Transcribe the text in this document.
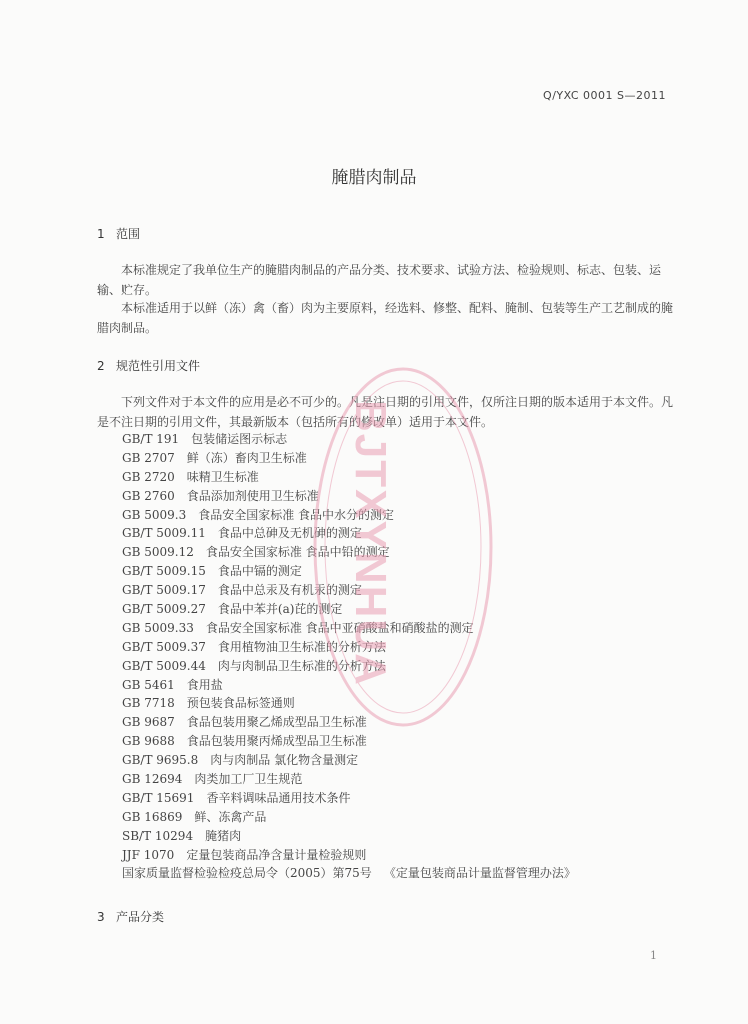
Q/YXC 0001 S—2011
腌腊肉制品
1 范围
本标准规定了我单位生产的腌腊肉制品的产品分类、技术要求、试验方法、检验规则、标志、包装、运输、贮存。
本标准适用于以鲜（冻）禽（畜）肉为主要原料，经选料、修整、配料、腌制、包装等生产工艺制成的腌腊肉制品。
2 规范性引用文件
下列文件对于本文件的应用是必不可少的。凡是注日期的引用文件，仅所注日期的版本适用于本文件。凡是不注日期的引用文件，其最新版本（包括所有的修改单）适用于本文件。
GB/T 191 包装储运图示标志
GB 2707 鲜（冻）畜肉卫生标准
GB 2720 味精卫生标准
GB 2760 食品添加剂使用卫生标准
GB 5009.3 食品安全国家标准 食品中水分的测定
GB/T 5009.11 食品中总砷及无机砷的测定
GB 5009.12 食品安全国家标准 食品中铅的测定
GB/T 5009.15 食品中镉的测定
GB/T 5009.17 食品中总汞及有机汞的测定
GB/T 5009.27 食品中苯并(a)芘的测定
GB 5009.33 食品安全国家标准 食品中亚硝酸盐和硝酸盐的测定
GB/T 5009.37 食用植物油卫生标准的分析方法
GB/T 5009.44 肉与肉制品卫生标准的分析方法
GB 5461 食用盐
GB 7718 预包装食品标签通则
GB 9687 食品包装用聚乙烯成型品卫生标准
GB 9688 食品包装用聚丙烯成型品卫生标准
GB/T 9695.8 肉与肉制品 氯化物含量测定
GB 12694 肉类加工厂卫生规范
GB/T 15691 香辛料调味品通用技术条件
GB 16869 鲜、冻禽产品
SB/T 10294 腌猪肉
JJF 1070 定量包装商品净含量计量检验规则
国家质量监督检验检疫总局令（2005）第75号 《定量包装商品计量监督管理办法》
3 产品分类
1
BJTXYNHUA
